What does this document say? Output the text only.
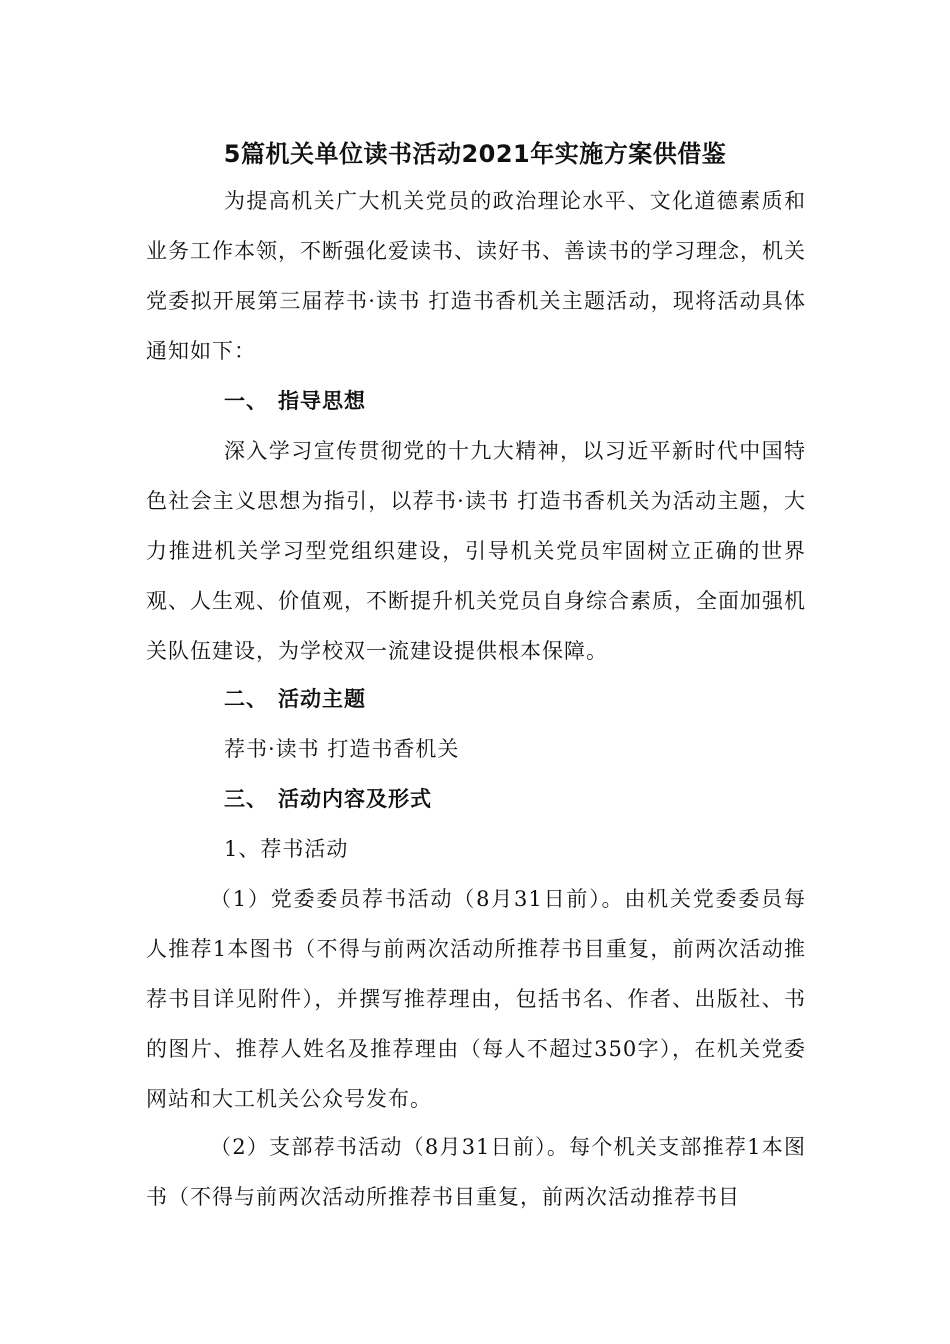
5篇机关单位读书活动2021年实施方案供借鉴

为提高机关广大机关党员的政治理论水平、文化道德素质和业务工作本领，不断强化爱读书、读好书、善读书的学习理念，机关党委拟开展第三届荐书·读书 打造书香机关主题活动，现将活动具体通知如下：

一、 指导思想

深入学习宣传贯彻党的十九大精神，以习近平新时代中国特色社会主义思想为指引，以荐书·读书 打造书香机关为活动主题，大力推进机关学习型党组织建设，引导机关党员牢固树立正确的世界观、人生观、价值观，不断提升机关党员自身综合素质，全面加强机关队伍建设，为学校双一流建设提供根本保障。

二、 活动主题

荐书·读书 打造书香机关

三、 活动内容及形式

1、荐书活动

（1）党委委员荐书活动（8月31日前）。由机关党委委员每人推荐1本图书（不得与前两次活动所推荐书目重复，前两次活动推荐书目详见附件），并撰写推荐理由，包括书名、作者、出版社、书的图片、推荐人姓名及推荐理由（每人不超过350字），在机关党委网站和大工机关公众号发布。

（2）支部荐书活动（8月31日前）。每个机关支部推荐1本图书（不得与前两次活动所推荐书目重复，前两次活动推荐书目
